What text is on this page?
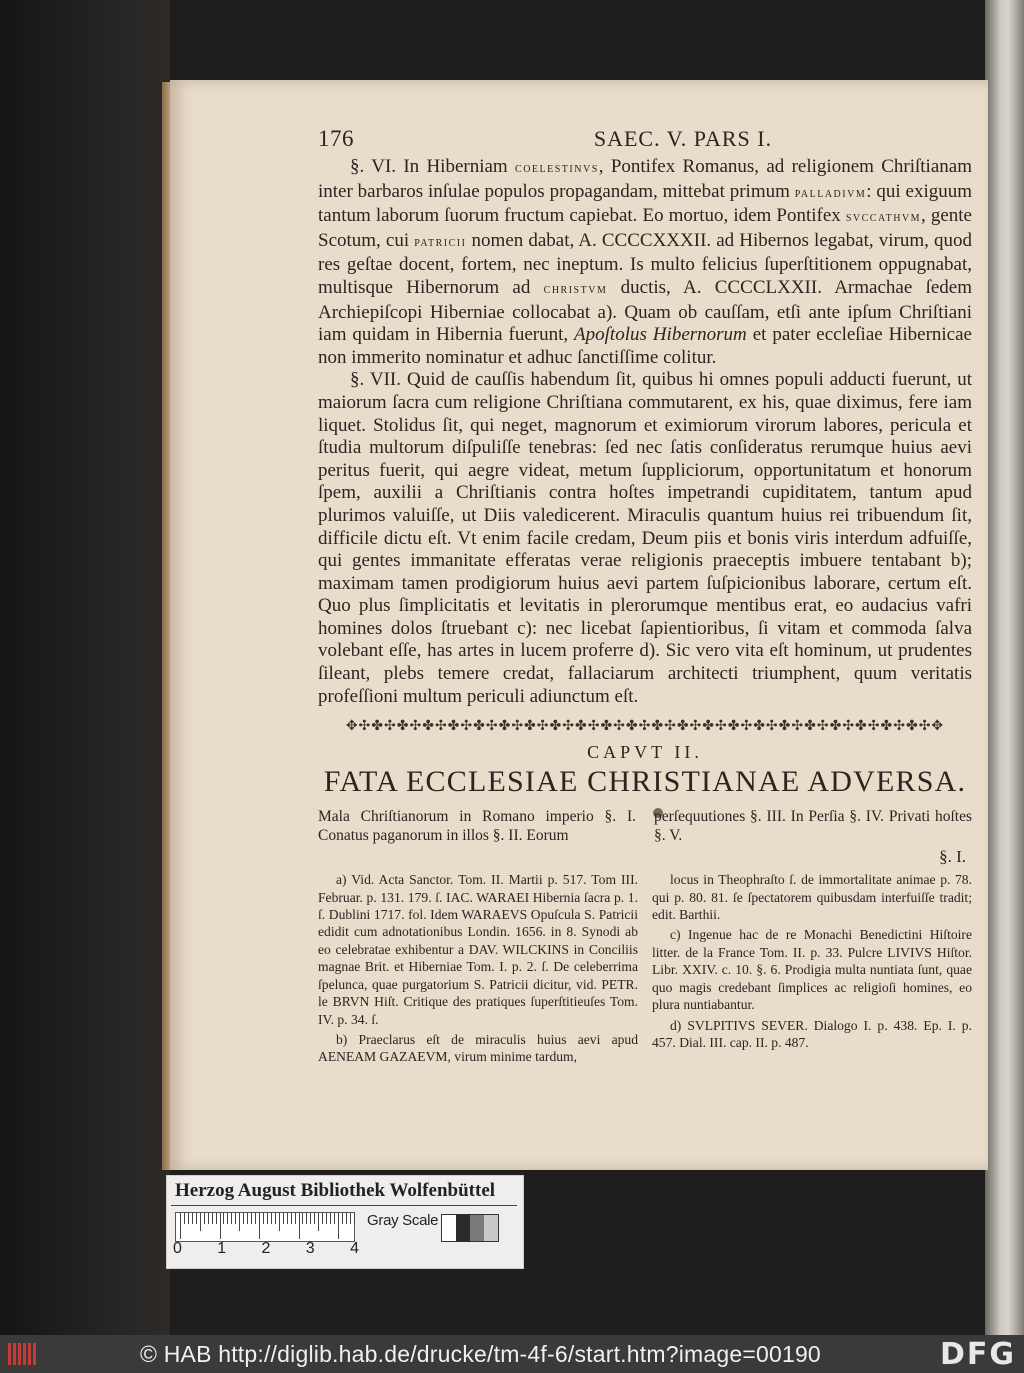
176	SAEC. V. PARS I.

§. VI. In Hiberniam coelestinvs, Pontifex Romanus, ad religionem Chriſtianam inter barbaros inſulae populos propagandam, mittebat primum palladivm: qui exiguum tantum laborum ſuorum fructum capiebat. Eo mortuo, idem Pontifex svccathvm, gente Scotum, cui patricii nomen dabat, A. CCCCXXXII. ad Hibernos legabat, virum, quod res geſtae docent, fortem, nec ineptum. Is multo felicius ſuperſtitionem oppugnabat, multisque Hibernorum ad christvm ductis, A. CCCCLXXII. Armachae ſedem Archiepiſcopi Hiberniae collocabat a). Quam ob cauſſam, etſi ante ipſum Chriſtiani iam quidam in Hibernia fuerunt, Apoſtolus Hibernorum et pater eccleſiae Hibernicae non immerito nominatur et adhuc ſanctiſſime colitur.

§. VII. Quid de cauſſis habendum ſit, quibus hi omnes populi adducti fuerunt, ut maiorum ſacra cum religione Chriſtiana commutarent, ex his, quae diximus, fere iam liquet. Stolidus ſit, qui neget, magnorum et eximiorum virorum labores, pericula et ſtudia multorum diſpuliſſe tenebras: ſed nec ſatis conſideratus rerumque huius aevi peritus fuerit, qui aegre videat, metum ſuppliciorum, opportunitatum et honorum ſpem, auxilii a Chriſtianis contra hoſtes impetrandi cupiditatem, tantum apud plurimos valuiſſe, ut Diis valedicerent. Miraculis quantum huius rei tribuendum ſit, difficile dictu eſt. Vt enim facile credam, Deum piis et bonis viris interdum adfuiſſe, qui gentes immanitate efferatas verae religionis praeceptis imbuere tentabant b); maximam tamen prodigiorum huius aevi partem ſuſpicionibus laborare, certum eſt. Quo plus ſimplicitatis et levitatis in plerorumque mentibus erat, eo audacius vafri homines dolos ſtruebant c): nec licebat ſapientioribus, ſi vitam et commoda ſalva volebant eſſe, has artes in lucem proferre d). Sic vero vita eſt hominum, ut prudentes ſileant, plebs temere credat, fallaciarum architecti triumphent, quum veritatis profeſſioni multum periculi adiunctum eſt.

✥✣✤✣✤✣✤✣✤✣✤✣✤✣✤✣✤✣✤✣✤✣✤✣✤✣✤✣✤✣✤✣✤✣✤✣✤✣✤✣✤✣✤✣✤✣✥
CAPVT II.
FATA ECCLESIAE CHRISTIANAE ADVERSA.
Mala Chriſtianorum in Romano imperio §. I. Conatus paganorum in illos §. II. Eorum
perſequutiones §. III. In Perſia §. IV. Privati hoſtes §. V.
§. I.

a) Vid. Acta Sanctor. Tom. II. Martii p. 517. Tom III. Februar. p. 131. 179. ſ. IAC. WARAEI Hibernia ſacra p. 1. ſ. Dublini 1717. fol. Idem WARAEVS Opuſcula S. Patricii edidit cum adnotationibus Londin. 1656. in 8. Synodi ab eo celebratae exhibentur a DAV. WILCKINS in Conciliis magnae Brit. et Hiberniae Tom. I. p. 2. ſ. De celeberrima ſpelunca, quae purgatorium S. Patricii dicitur, vid. PETR. le BRVN Hiſt. Critique des pratiques ſuperſtitieuſes Tom. IV. p. 34. ſ.

b) Praeclarus eſt de miraculis huius aevi apud AENEAM GAZAEVM, virum minime tardum,

locus in Theophraſto ſ. de immortalitate animae p. 78. qui p. 80. 81. ſe ſpectatorem quibusdam interfuiſſe tradit; edit. Barthii.

c) Ingenue hac de re Monachi Benedictini Hiſtoire litter. de la France Tom. II. p. 33. Pulcre LIVIVS Hiſtor. Libr. XXIV. c. 10. §. 6. Prodigia multa nuntiata ſunt, quae quo magis credebant ſimplices ac religioſi homines, eo plura nuntiabantur.

d) SVLPITIVS SEVER. Dialogo I. p. 438. Ep. I. p. 457. Dial. III. cap. II. p. 487.

Herzog August Bibliothek Wolfenbüttel
0 1 2 3 4
Gray Scale
© HAB http://diglib.hab.de/drucke/tm-4f-6/start.htm?image=00190	DFG
